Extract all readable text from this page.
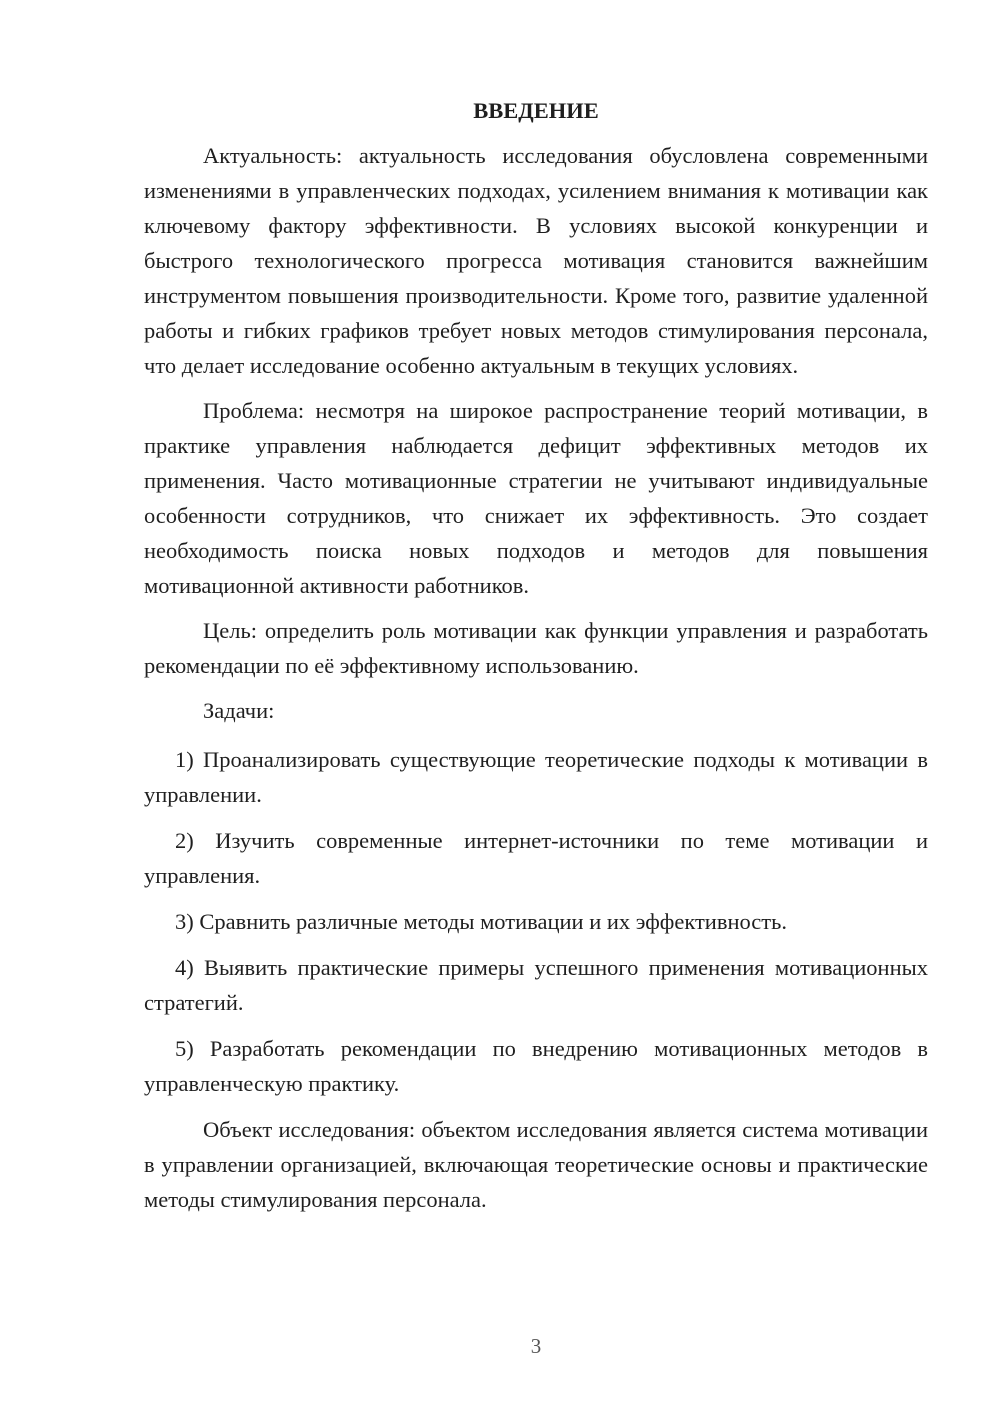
ВВЕДЕНИЕ

Актуальность: актуальность исследования обусловлена современными изменениями в управленческих подходах, усилением внимания к мотивации как ключевому фактору эффективности. В условиях высокой конкуренции и быстрого технологического прогресса мотивация становится важнейшим инструментом повышения производительности. Кроме того, развитие удаленной работы и гибких графиков требует новых методов стимулирования персонала, что делает исследование особенно актуальным в текущих условиях.

Проблема: несмотря на широкое распространение теорий мотивации, в практике управления наблюдается дефицит эффективных методов их применения. Часто мотивационные стратегии не учитывают индивидуальные особенности сотрудников, что снижает их эффективность. Это создает необходимость поиска новых подходов и методов для повышения мотивационной активности работников.

Цель: определить роль мотивации как функции управления и разработать рекомендации по её эффективному использованию.

Задачи:

1) Проанализировать существующие теоретические подходы к мотивации в управлении.

2) Изучить современные интернет-источники по теме мотивации и управления.

3) Сравнить различные методы мотивации и их эффективность.

4) Выявить практические примеры успешного применения мотивационных стратегий.

5) Разработать рекомендации по внедрению мотивационных методов в управленческую практику.

Объект исследования: объектом исследования является система мотивации в управлении организацией, включающая теоретические основы и практические методы стимулирования персонала.

3
